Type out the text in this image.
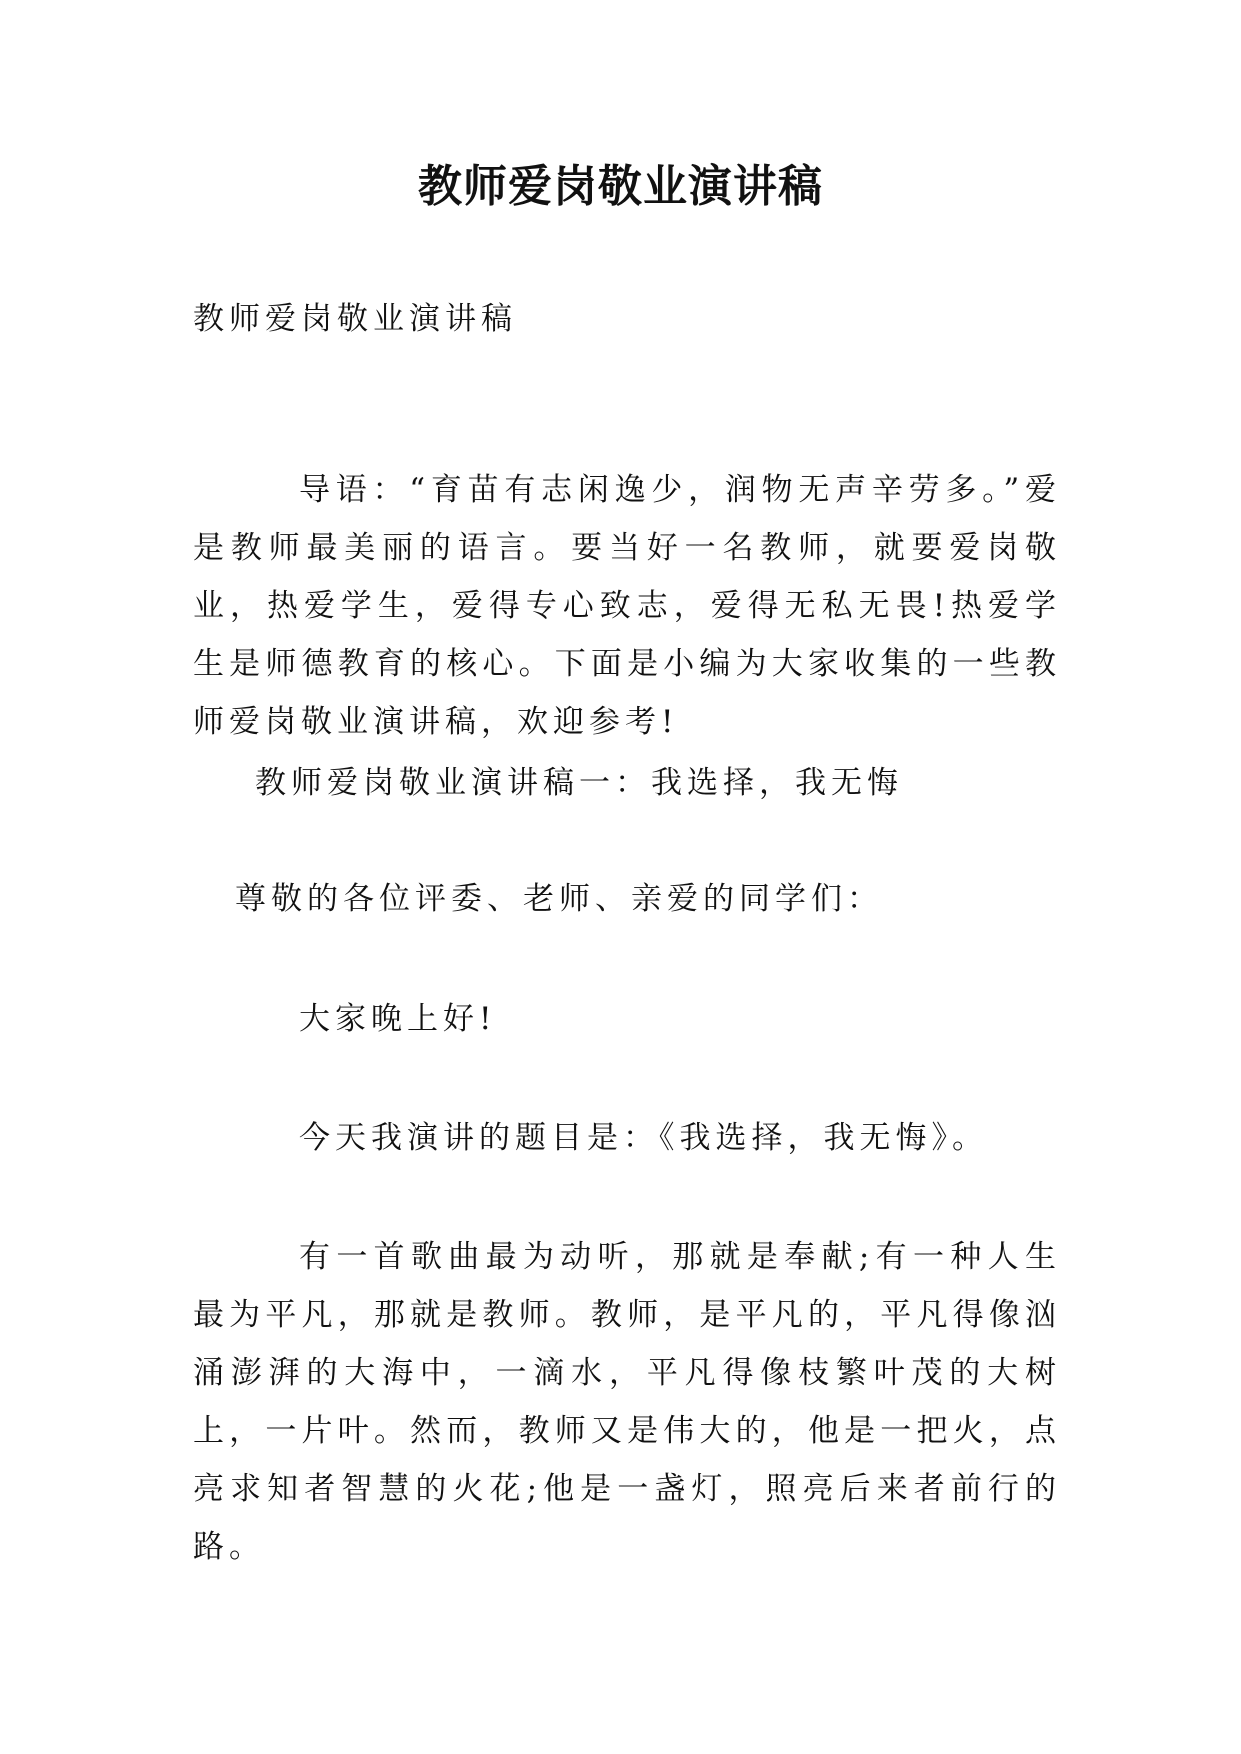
教师爱岗敬业演讲稿

教师爱岗敬业演讲稿

导语：“育苗有志闲逸少，润物无声辛劳多。”爱是教师最美丽的语言。要当好一名教师，就要爱岗敬业，热爱学生，爱得专心致志，爱得无私无畏!热爱学生是师德教育的核心。下面是小编为大家收集的一些教师爱岗敬业演讲稿，欢迎参考!

教师爱岗敬业演讲稿一：我选择，我无悔

尊敬的各位评委、老师、亲爱的同学们：

大家晚上好!

今天我演讲的题目是：《我选择，我无悔》。

有一首歌曲最为动听，那就是奉献;有一种人生最为平凡，那就是教师。教师，是平凡的，平凡得像汹涌澎湃的大海中，一滴水，平凡得像枝繁叶茂的大树上，一片叶。然而，教师又是伟大的，他是一把火，点亮求知者智慧的火花;他是一盏灯，照亮后来者前行的路。
